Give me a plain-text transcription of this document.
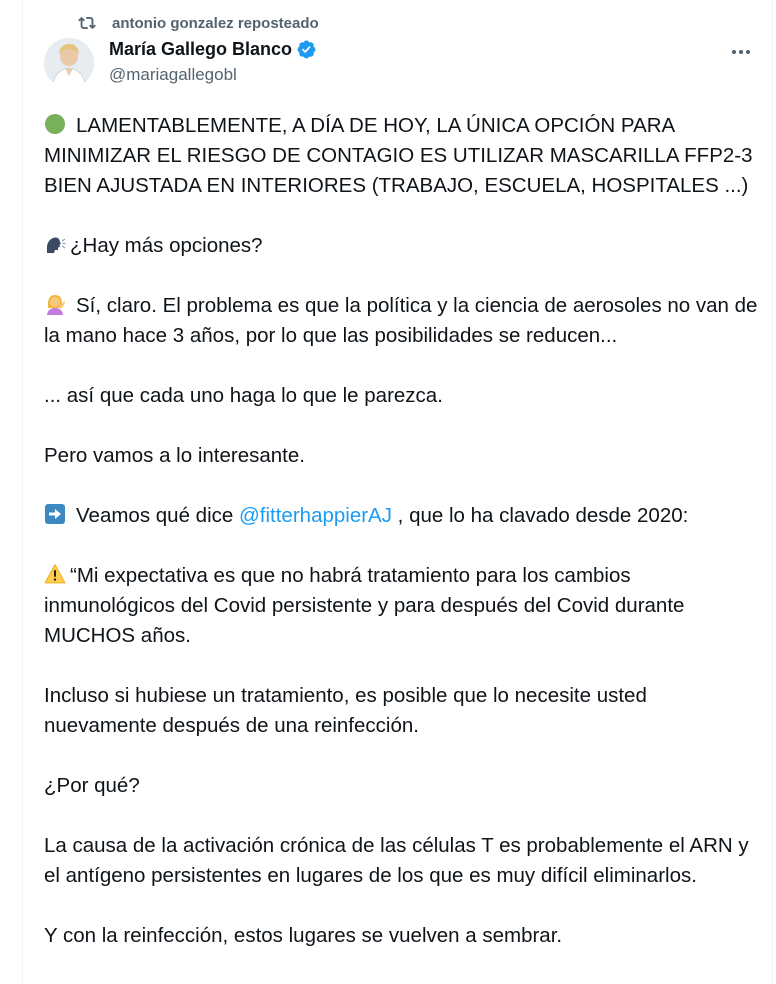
antonio gonzalez reposteado
María Gallego Blanco
@mariagallegobl

LAMENTABLEMENTE, A DÍA DE HOY, LA ÚNICA OPCIÓN PARA MINIMIZAR EL RIESGO DE CONTAGIO ES UTILIZAR MASCARILLA FFP2-3 BIEN AJUSTADA EN INTERIORES (TRABAJO, ESCUELA, HOSPITALES ...)

¿Hay más opciones?

Sí, claro. El problema es que la política y la ciencia de aerosoles no van de la mano hace 3 años, por lo que las posibilidades se reducen...

... así que cada uno haga lo que le parezca.

Pero vamos a lo interesante.

Veamos qué dice @fitterhappierAJ , que lo ha clavado desde 2020:

“Mi expectativa es que no habrá tratamiento para los cambios inmunológicos del Covid persistente y para después del Covid durante MUCHOS años.

Incluso si hubiese un tratamiento, es posible que lo necesite usted nuevamente después de una reinfección.

¿Por qué?

La causa de la activación crónica de las células T es probablemente el ARN y el antígeno persistentes en lugares de los que es muy difícil eliminarlos.

Y con la reinfección, estos lugares se vuelven a sembrar.
